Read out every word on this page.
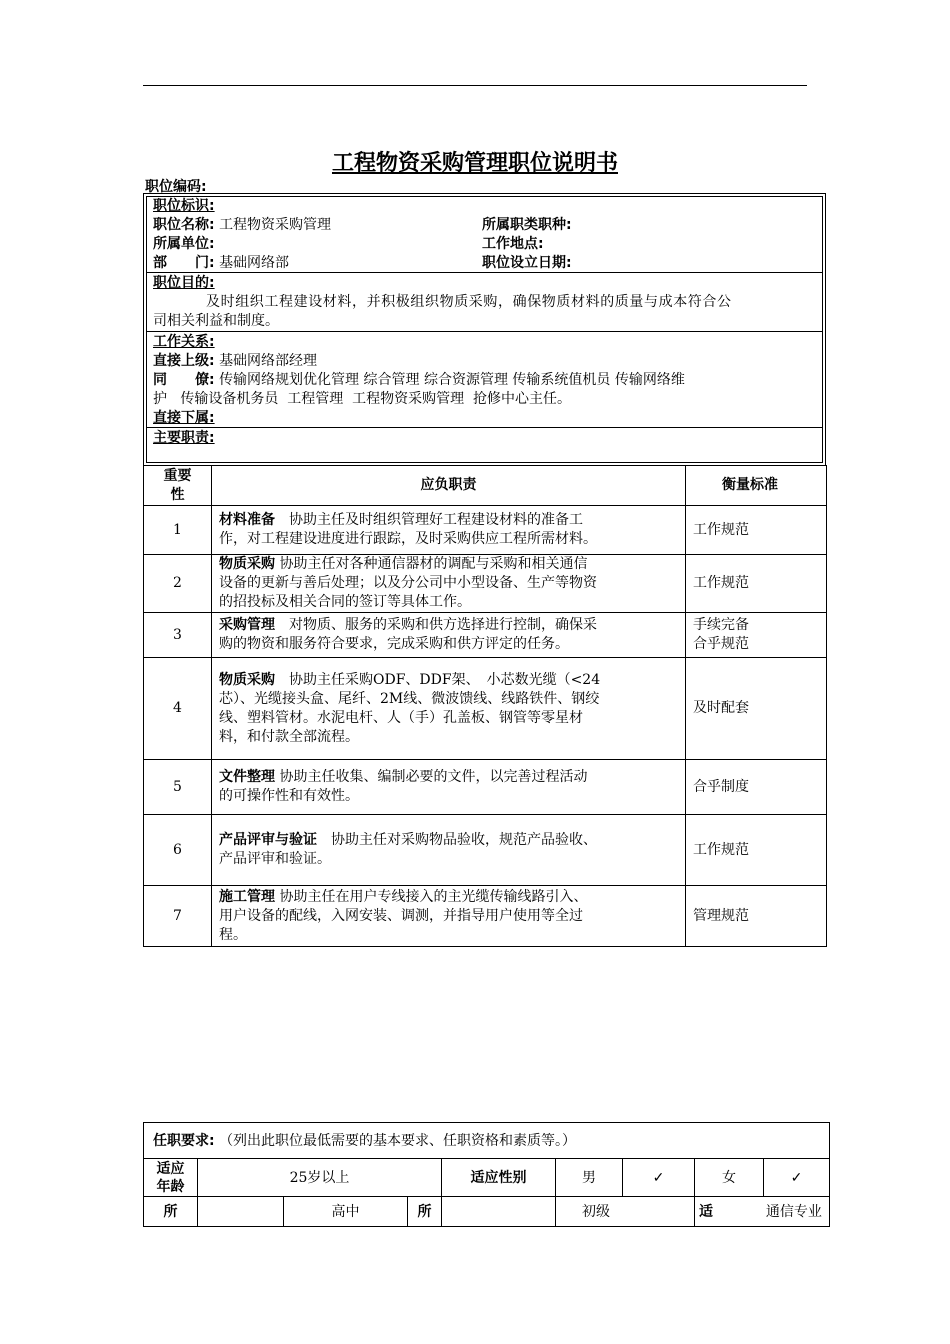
工程物资采购管理职位说明书
职位编码:
职位标识:
职位名称: 工程物资采购管理	所属职类职种:
所属单位:	工作地点:
部　　门: 基础网络部	职位设立日期:
职位目的:
及时组织工程建设材料，并积极组织物质采购，确保物质材料的质量与成本符合公
司相关利益和制度。
工作关系:
直接上级: 基础网络部经理
同　　僚: 传输网络规划优化管理 综合管理 综合资源管理 传输系统值机员 传输网络维
护   传输设备机务员  工程管理  工程物资采购管理  抢修中心主任。
直接下属:
主要职责:
重要
性	应负职责	衡量标准
1	材料准备　协助主任及时组织管理好工程建设材料的准备工
作，对工程建设进度进行跟踪，及时采购供应工程所需材料。	工作规范
2	物质采购 协助主任对各种通信器材的调配与采购和相关通信
设备的更新与善后处理；以及分公司中小型设备、生产等物资
的招投标及相关合同的签订等具体工作。	工作规范
3	采购管理　对物质、服务的采购和供方选择进行控制，确保采
购的物资和服务符合要求，完成采购和供方评定的任务。	手续完备
合乎规范
4	物质采购　协助主任采购ODF、DDF架、　小芯数光缆（<24
芯）、光缆接头盒、尾纤、2M线、微波馈线、线路铁件、钢绞
线、塑料管材。水泥电杆、人（手）孔盖板、钢管等零星材
料，和付款全部流程。	及时配套
5	文件整理 协助主任收集、编制必要的文件，以完善过程活动
的可操作性和有效性。	合乎制度
6	产品评审与验证　协助主任对采购物品验收，规范产品验收、
产品评审和验证。	工作规范
7	施工管理 协助主任在用户专线接入的主光缆传输线路引入、
用户设备的配线，入网安装、调测，并指导用户使用等全过
程。	管理规范
任职要求: （列出此职位最低需要的基本要求、任职资格和素质等。）								
适应
年龄	25岁以上			适应性别	男	✓	女	✓
所		高中	所		初级		适 通信专业	
